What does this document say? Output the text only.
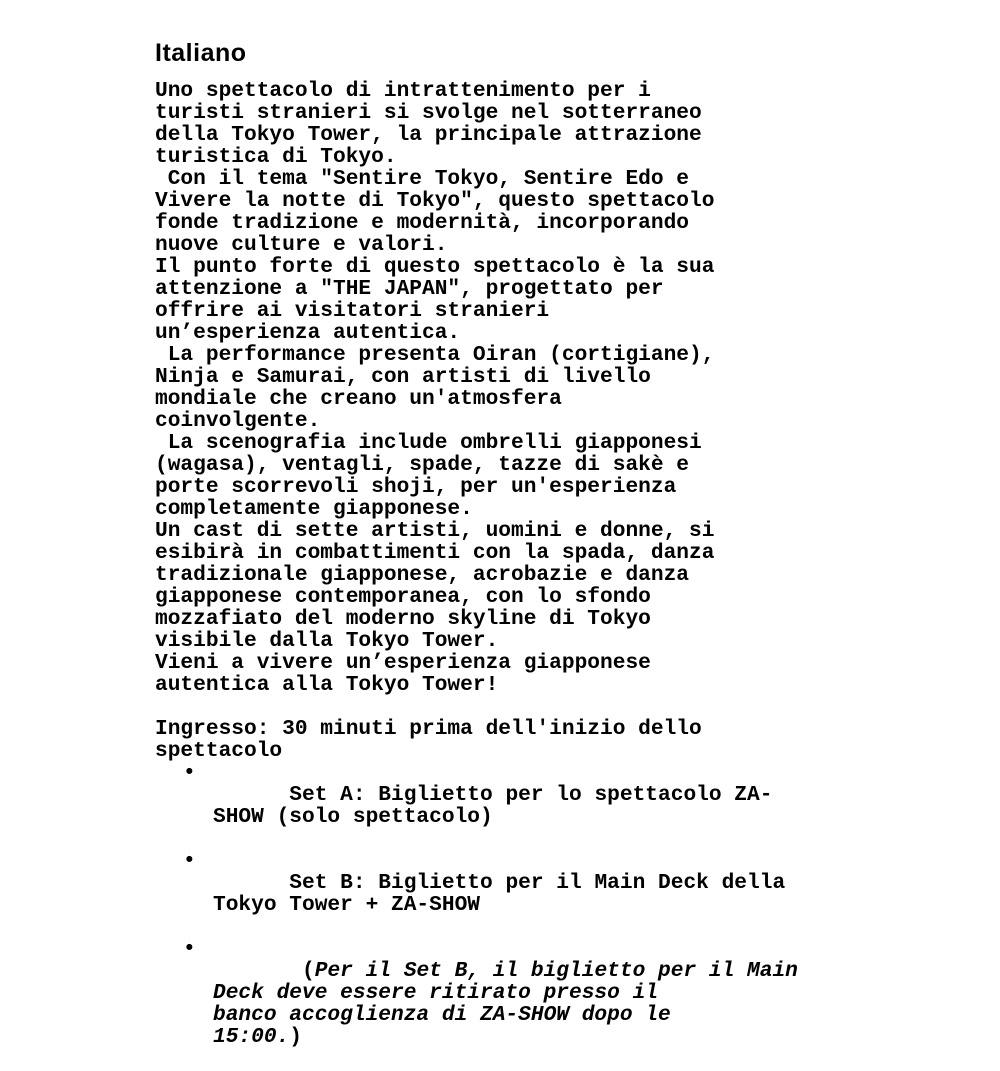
Italiano
Uno spettacolo di intrattenimento per i
turisti stranieri si svolge nel sotterraneo
della Tokyo Tower, la principale attrazione
turistica di Tokyo.
Con il tema "Sentire Tokyo, Sentire Edo e
Vivere la notte di Tokyo", questo spettacolo
fonde tradizione e modernità, incorporando
nuove culture e valori.
Il punto forte di questo spettacolo è la sua
attenzione a "THE JAPAN", progettato per
offrire ai visitatori stranieri
un’esperienza autentica.
La performance presenta Oiran (cortigiane),
Ninja e Samurai, con artisti di livello
mondiale che creano un'atmosfera
coinvolgente.
La scenografia include ombrelli giapponesi
(wagasa), ventagli, spade, tazze di sakè e
porte scorrevoli shoji, per un'esperienza
completamente giapponese.
Un cast di sette artisti, uomini e donne, si
esibirà in combattimenti con la spada, danza
tradizionale giapponese, acrobazie e danza
giapponese contemporanea, con lo sfondo
mozzafiato del moderno skyline di Tokyo
visibile dalla Tokyo Tower.
Vieni a vivere un’esperienza giapponese
autentica alla Tokyo Tower!
Ingresso: 30 minuti prima dell'inizio dello
spettacolo

•
Set A: Biglietto per lo spettacolo ZA-
SHOW (solo spettacolo)

•
Set B: Biglietto per il Main Deck della
Tokyo Tower + ZA-SHOW

•
(Per il Set B, il biglietto per il Main
Deck deve essere ritirato presso il
banco accoglienza di ZA-SHOW dopo le
15:00.)
